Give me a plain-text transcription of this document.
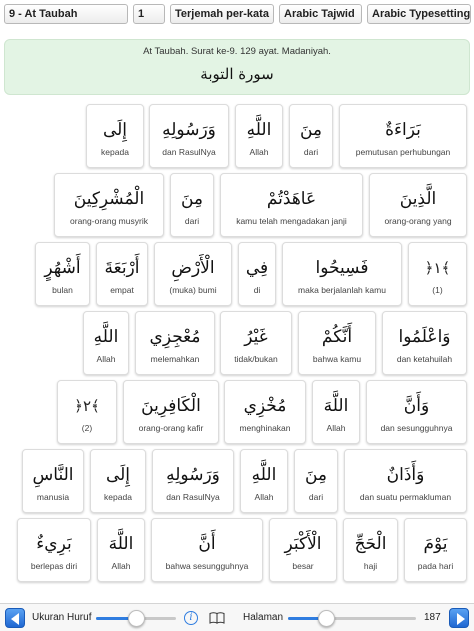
9 - At Taubah	1	Terjemah per-kata	Arabic Tajwid	Arabic Typesetting
At Taubah. Surat ke-9. 129 ayat. Madaniyah.
سورة التوبة
إِلَى
kepada
وَرَسُولِهِ
dan RasulNya
اللَّهِ
Allah
مِنَ
dari
بَرَاءَةٌ
pemutusan perhubungan
الْمُشْرِكِينَ
orang-orang musyrik
مِنَ
dari
عَاهَدْتُمْ
kamu telah mengadakan janji
الَّذِينَ
orang-orang yang
أَشْهُرٍ
bulan
أَرْبَعَةَ
empat
الْأَرْضِ
(muka) bumi
فِي
di
فَسِيحُوا
maka berjalanlah kamu
﴿١﴾
(1)
اللَّهِ
Allah
مُعْجِزِي
melemahkan
غَيْرُ
tidak/bukan
أَنَّكُمْ
bahwa kamu
وَاعْلَمُوا
dan ketahuilah
﴿٢﴾
(2)
الْكَافِرِينَ
orang-orang kafir
مُخْزِي
menghinakan
اللَّهَ
Allah
وَأَنَّ
dan sesungguhnya
النَّاسِ
manusia
إِلَى
kepada
وَرَسُولِهِ
dan RasulNya
اللَّهِ
Allah
مِنَ
dari
وَأَذَانٌ
dan suatu permakluman
بَرِيءٌ
berlepas diri
اللَّهَ
Allah
أَنَّ
bahwa sesungguhnya
الْأَكْبَرِ
besar
الْحَجِّ
haji
يَوْمَ
pada hari
Ukuran Huruf	i	Halaman	187
